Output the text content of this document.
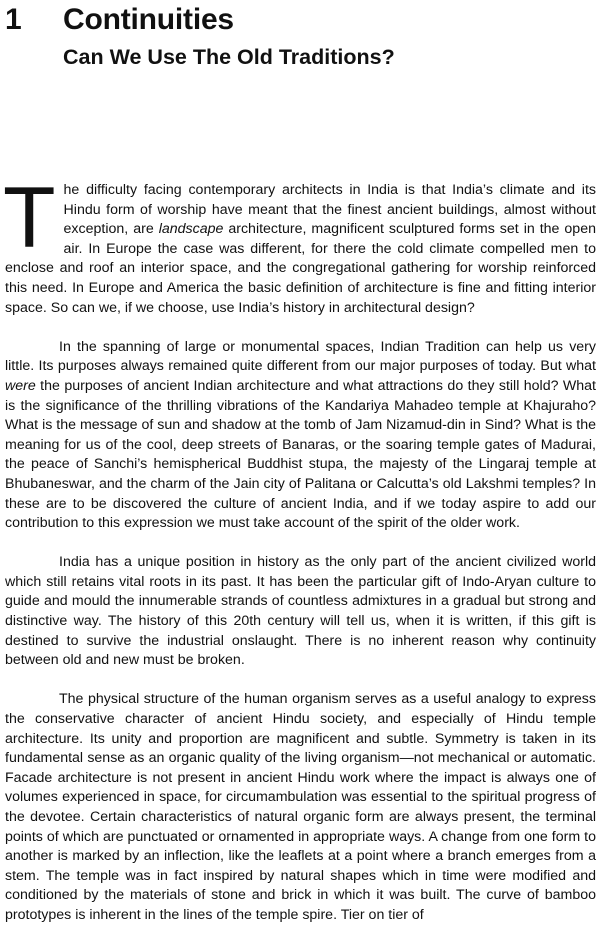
1 Continuities
Can We Use The Old Traditions?

The difficulty facing contemporary architects in India is that India’s climate and its Hindu form of worship have meant that the finest ancient buildings, almost without exception, are landscape architecture, magnificent sculptured forms set in the open air. In Europe the case was different, for there the cold climate compelled men to enclose and roof an interior space, and the congregational gathering for worship reinforced this need. In Europe and America the basic definition of architecture is fine and fitting interior space. So can we, if we choose, use India’s history in architectural design?

In the spanning of large or monumental spaces, Indian Tradition can help us very little. Its purposes always remained quite different from our major purposes of today. But what were the purposes of ancient Indian architecture and what attractions do they still hold? What is the significance of the thrilling vibrations of the Kandariya Mahadeo temple at Khajuraho? What is the message of sun and shadow at the tomb of Jam Nizamud-din in Sind? What is the meaning for us of the cool, deep streets of Banaras, or the soaring temple gates of Madurai, the peace of Sanchi’s hemispherical Buddhist stupa, the majesty of the Lingaraj temple at Bhubaneswar, and the charm of the Jain city of Palitana or Calcutta’s old Lakshmi temples? In these are to be discovered the culture of ancient India, and if we today aspire to add our contribution to this expression we must take account of the spirit of the older work.

India has a unique position in history as the only part of the ancient civilized world which still retains vital roots in its past. It has been the particular gift of Indo-Aryan culture to guide and mould the innumerable strands of countless admixtures in a gradual but strong and distinctive way. The history of this 20th century will tell us, when it is written, if this gift is destined to survive the industrial onslaught. There is no inherent reason why continuity between old and new must be broken.

The physical structure of the human organism serves as a useful analogy to express the conservative character of ancient Hindu society, and especially of Hindu temple architecture. Its unity and proportion are magnificent and subtle. Symmetry is taken in its fundamental sense as an organic quality of the living organism—not mechanical or automatic. Facade architecture is not present in ancient Hindu work where the impact is always one of volumes experienced in space, for circumambulation was essential to the spiritual progress of the devotee. Certain characteristics of natural organic form are always present, the terminal points of which are punctuated or ornamented in appropriate ways. A change from one form to another is marked by an inflection, like the leaflets at a point where a branch emerges from a stem. The temple was in fact inspired by natural shapes which in time were modified and conditioned by the materials of stone and brick in which it was built. The curve of bamboo prototypes is inherent in the lines of the temple spire. Tier on tier of
